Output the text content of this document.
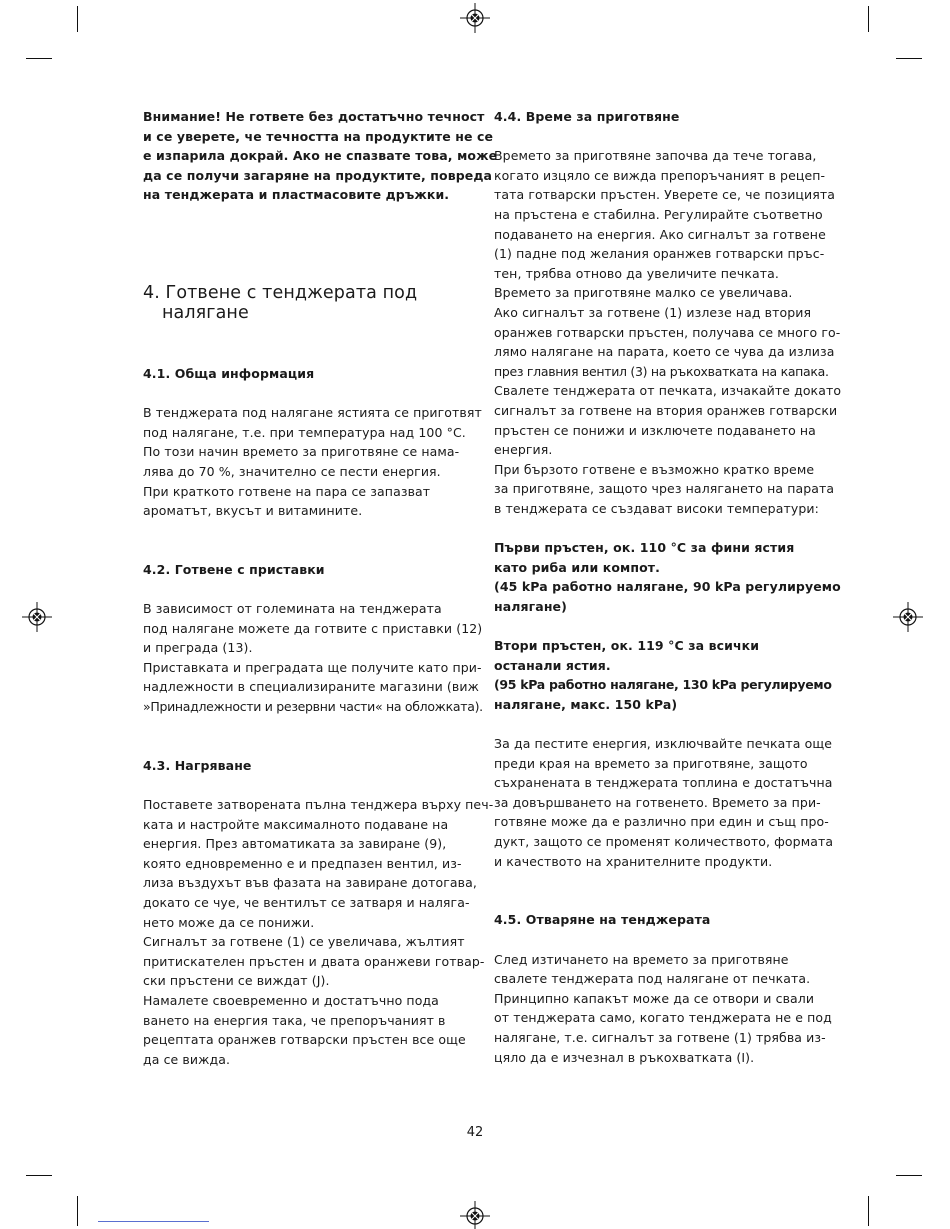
Внимание! Не гответе без достатъчно течност
и се уверете, че течността на продуктите не се
е изпарила докрай. Ако не спазвате това, може
да се получи загаряне на продуктите, повреда
на тенджерата и пластмасовите дръжки.
4. Готвене с тенджерата под
налягане
4.1. Обща информация
В тенджерата под налягане ястията се приготвят
под налягане, т.е. при температура над 100 °C.
По този начин времето за приготвяне се нама-
лява до 70 %, значително се пести енергия.
При краткото готвене на пара се запазват
ароматът, вкусът и витамините.
4.2. Готвене с приставки
В зависимост от големината на тенджерата
под налягане можете да готвите с приставки (12)
и преграда (13).
Приставката и преградата ще получите като при-
надлежности в специализираните магазини (виж
»Принадлежности и резервни части« на обложката).
4.3. Нагряване
Поставете затворената пълна тенджера върху печ-
ката и настройте максималното подаване на
енергия. През автоматиката за завиране (9),
която едновременно е и предпазен вентил, из-
лиза въздухът във фазата на завиране дотогава,
докато се чуе, че вентилът се затваря и наляга-
нето може да се понижи.
Сигналът за готвене (1) се увеличава, жълтият
притискателен пръстен и двата оранжеви готвар-
ски пръстени се виждат (J).
Намалете своевременно и достатъчно пода
ването на енергия така, че препоръчаният в
рецептата оранжев готварски пръстен все още
да се вижда.
4.4. Време за приготвяне
Времето за приготвяне започва да тече тогава,
когато изцяло се вижда препоръчаният в рецеп-
тата готварски пръстен. Уверете се, че позицията
на пръстена е стабилна. Регулирайте съответно
подаването на енергия. Ако сигналът за готвене
(1) падне под желания оранжев готварски пръс-
тен, трябва отново да увеличите печката.
Времето за приготвяне малко се увеличава.
Ако сигналът за готвене (1) излезе над втория
оранжев готварски пръстен, получава се много го-
лямо налягане на парата, което се чува да излиза
през главния вентил (3) на ръкохватката на капака.
Свалете тенджерата от печката, изчакайте докато
сигналът за готвене на втория оранжев готварски
пръстен се понижи и изключете подаването на
енергия.
При бързото готвене е възможно кратко време
за приготвяне, защото чрез налягането на парата
в тенджерата се създават високи температури:
Първи пръстен, ок. 110 °C за фини ястия
като риба или компот.
(45 kPa работно налягане, 90 kPa регулируемо
налягане)
Втори пръстен, ок. 119 °C за всички
останали ястия.
(95 kPa работно налягане, 130 kPa регулируемо
налягане, макс. 150 kPa)
За да пестите енергия, изключвайте печката още
преди края на времето за приготвяне, защото
съхранената в тенджерата топлина е достатъчна
за довършването на готвенето. Времето за при-
готвяне може да е различно при един и същ про-
дукт, защото се променят количеството, формата
и качеството на хранителните продукти.
4.5. Отваряне на тенджерата
След изтичането на времето за приготвяне
свалете тенджерата под налягане от печката.
Принципно капакът може да се отвори и свали
от тенджерата само, когато тенджерата не е под
налягане, т.е. сигналът за готвене (1) трябва из-
цяло да е изчезнал в ръкохватката (I).
42
